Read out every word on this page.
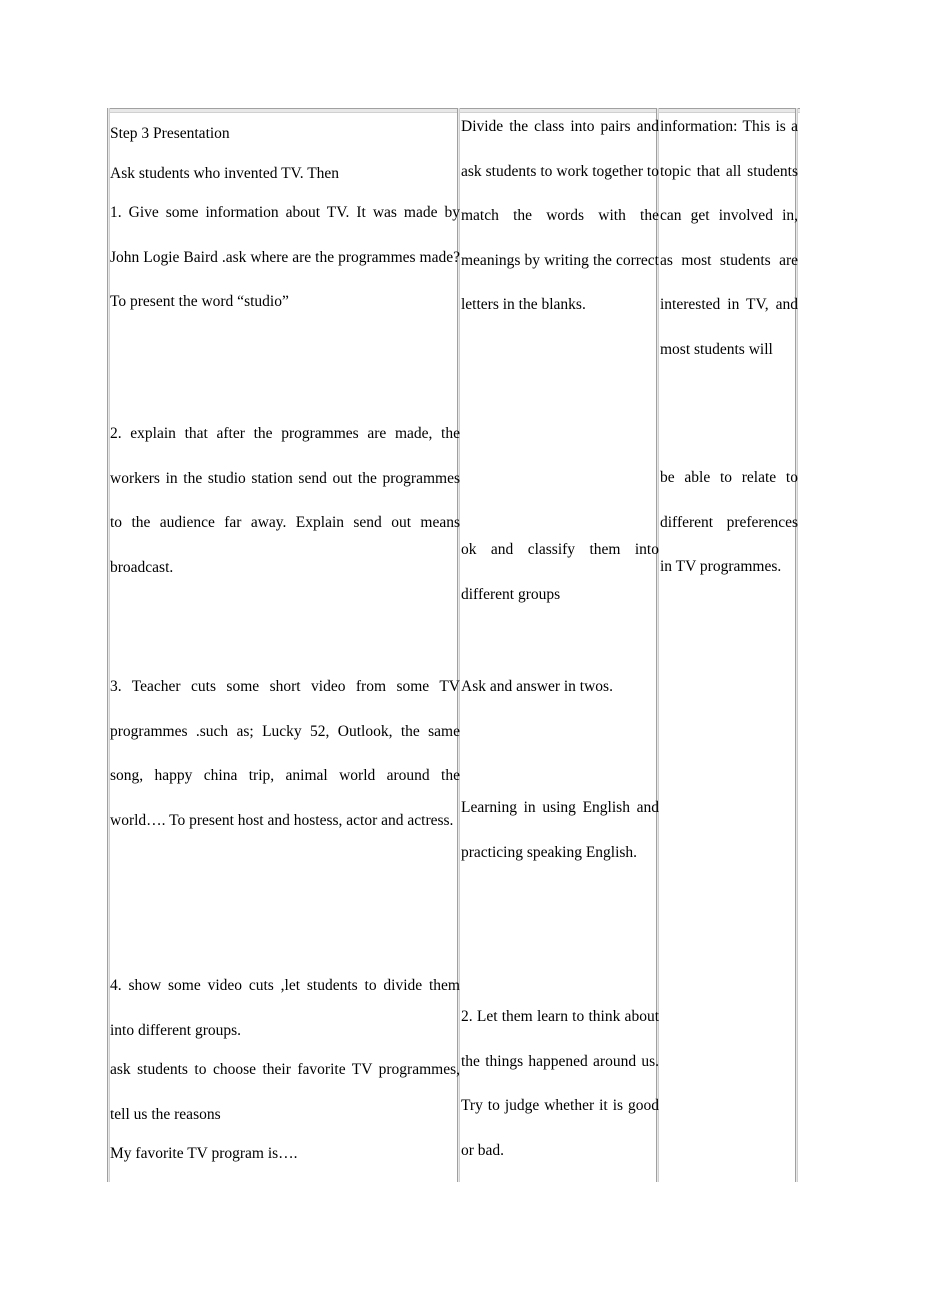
Step 3 Presentation

Ask students who invented TV. Then

1. Give some information about TV. It was made by John Logie Baird .ask where are the programmes made? To present the word “studio”

2. explain that after the programmes are made, the workers in the studio station send out the programmes to the audience far away. Explain send out means broadcast.

3. Teacher cuts some short video from some TV programmes .such as; Lucky 52, Outlook, the same song, happy china trip, animal world around the world…. To present host and hostess, actor and actress.

4. show some video cuts ,let students to divide them into different groups.

ask students to choose their favorite TV programmes, tell us the reasons

My favorite TV program is….

Divide the class into pairs and ask students to work together to match the words with the meanings by writing the correct letters in the blanks.

ok and classify them into different groups

Ask and answer in twos.

Learning in using English and practicing speaking English.

2. Let them learn to think about the things happened around us. Try to judge whether it is good or bad.

information: This is a topic that all students can get involved in, as most students are interested in TV, and most students will

be able to relate to different preferences in TV programmes.
